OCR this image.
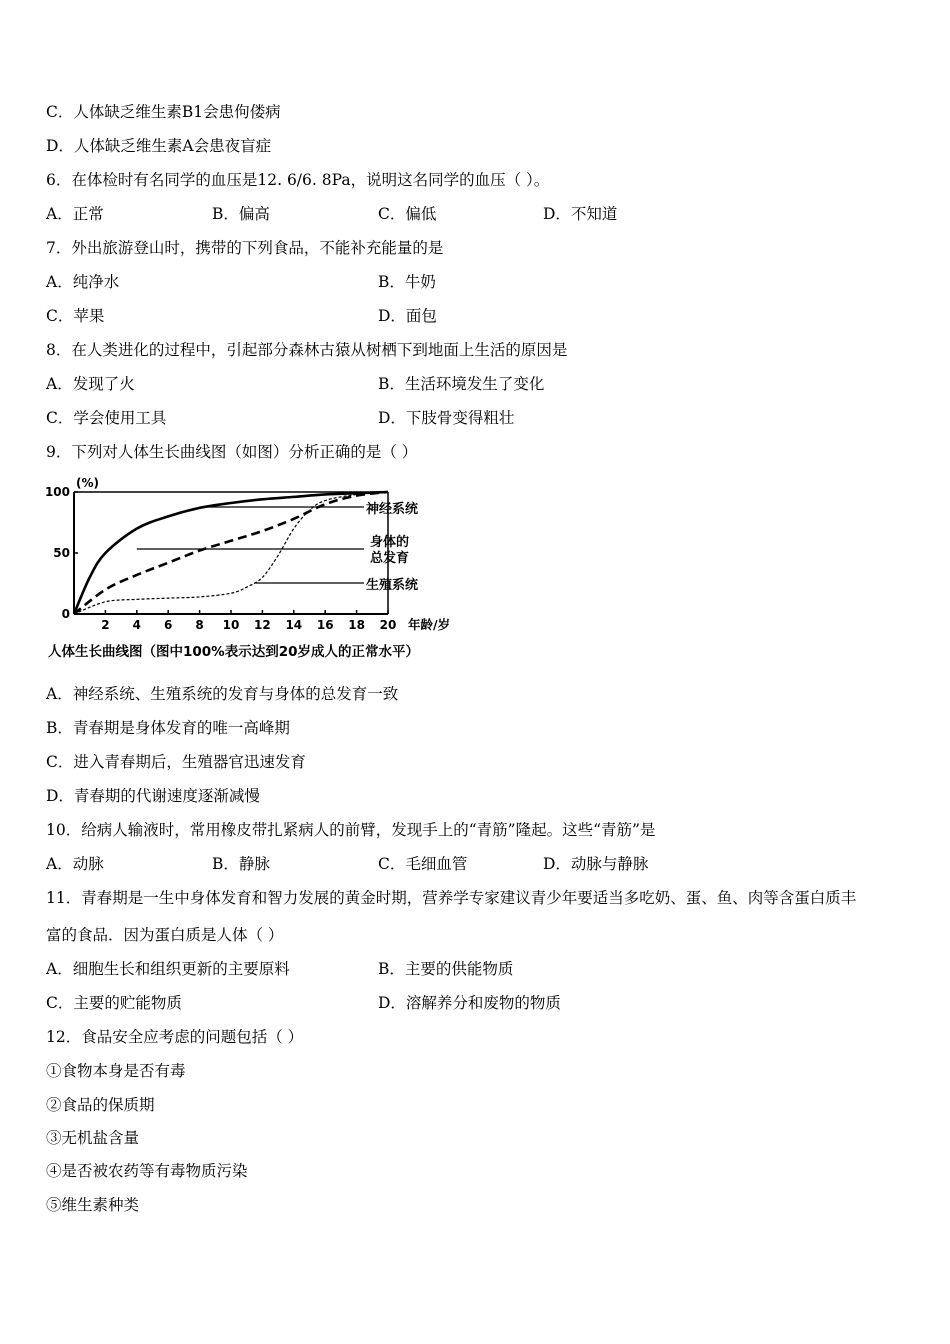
C．人体缺乏维生素B1会患佝偻病
D．人体缺乏维生素A会患夜盲症
6．在体检时有名同学的血压是12. 6/6. 8Pa，说明这名同学的血压（ ）。
A．正常	B．偏高	C．偏低	D．不知道
7．外出旅游登山时，携带的下列食品，不能补充能量的是
A．纯净水	B．牛奶
C．苹果	D．面包
8．在人类进化的过程中，引起部分森林古猿从树栖下到地面上生活的原因是
A．发现了火	B．生活环境发生了变化
C．学会使用工具	D．下肢骨变得粗壮
9．下列对人体生长曲线图（如图）分析正确的是（ ）
(%)
100
50
0
2 4 6 8 10 12 14 16 18 20 年龄/岁
神经系统
身体的
总发育
生殖系统
人体生长曲线图（图中100%表示达到20岁成人的正常水平）
A．神经系统、生殖系统的发育与身体的总发育一致
B．青春期是身体发育的唯一高峰期
C．进入青春期后，生殖器官迅速发育
D．青春期的代谢速度逐渐减慢
10．给病人输液时，常用橡皮带扎紧病人的前臂，发现手上的“青筋”隆起。这些“青筋”是
A．动脉	B．静脉	C．毛细血管	D．动脉与静脉
11．青春期是一生中身体发育和智力发展的黄金时期，营养学专家建议青少年要适当多吃奶、蛋、鱼、肉等含蛋白质丰
富的食品．因为蛋白质是人体（ ）
A．细胞生长和组织更新的主要原料	B．主要的供能物质
C．主要的贮能物质	D．溶解养分和废物的物质
12．食品安全应考虑的问题包括（ ）
①食物本身是否有毒
②食品的保质期
③无机盐含量
④是否被农药等有毒物质污染
⑤维生素种类
